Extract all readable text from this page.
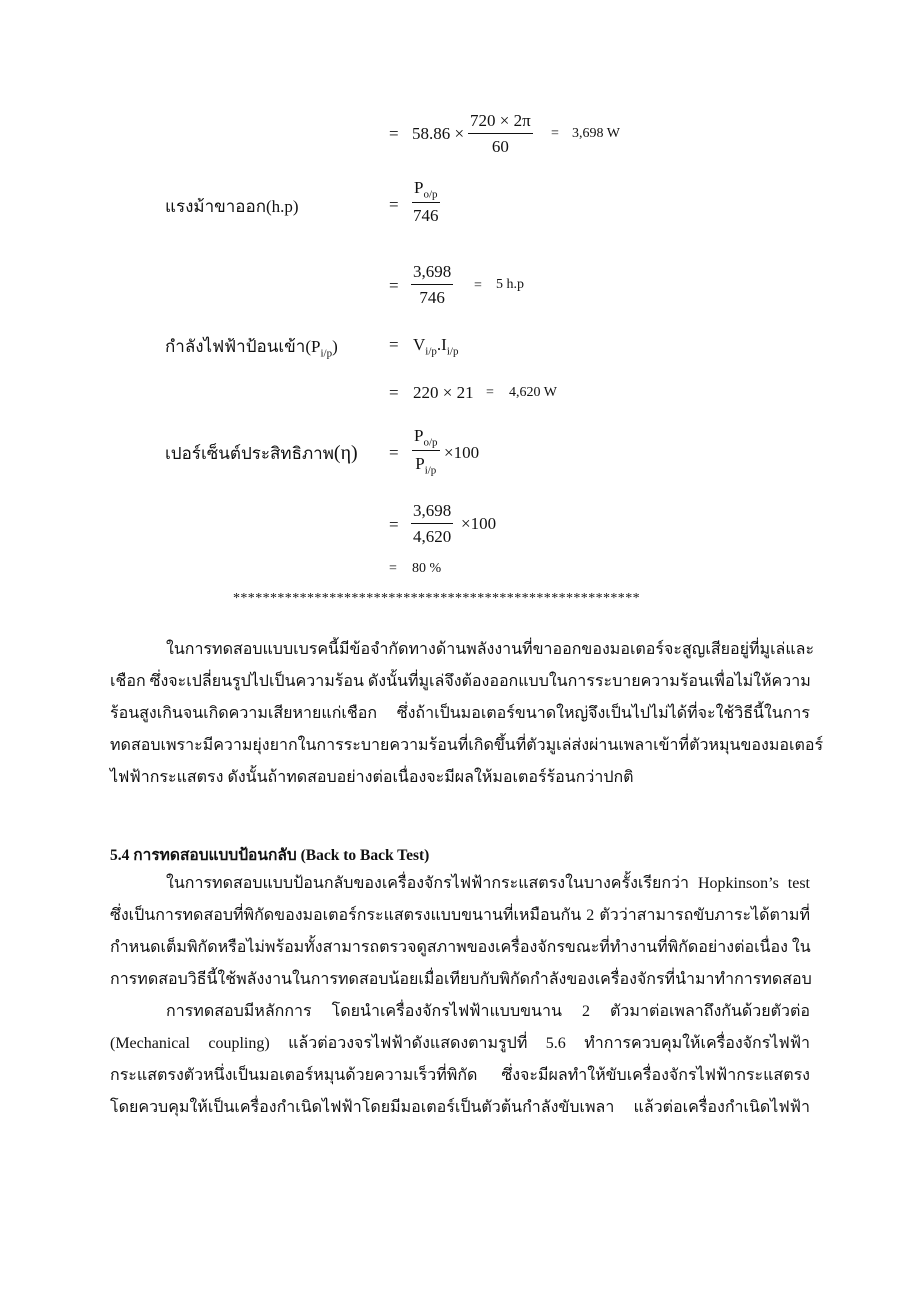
= $58.86 \times \frac{720 \times 2\pi}{60} = 3,698$ W
แรงม้าขาออก(h.p)	= $\frac{P_{o/p}}{746}$
= $\frac{3,698}{746} = 5$ h.p
กำลังไฟฟ้าป้อนเข้า$(P_{i/p})$	= $V_{i/p}.I_{i/p}$
= 220 × 21 = 4,620 W
เปอร์เซ็นต์ประสิทธิภาพ$(\eta) = \frac{P_{o/p}}{P_{i/p}} \times 100$
= $\frac{3,698}{4,620} \times 100$
= 80 %
*******************************************************
ในการทดสอบแบบเบรคนี้มีข้อจำกัดทางด้านพลังงานที่ขาออกของมอเตอร์จะสูญเสียอยู่ที่มูเล่และ
เชือก ซึ่งจะเปลี่ยนรูปไปเป็นความร้อน ดังนั้นที่มูเล่จึงต้องออกแบบในการระบายความร้อนเพื่อไม่ให้ความ
ร้อนสูงเกินจนเกิดความเสียหายแก่เชือก ซึ่งถ้าเป็นมอเตอร์ขนาดใหญ่จึงเป็นไปไม่ได้ที่จะใช้วิธีนี้ในการ
ทดสอบเพราะมีความยุ่งยากในการระบายความร้อนที่เกิดขึ้นที่ตัวมูเล่ส่งผ่านเพลาเข้าที่ตัวหมุนของมอเตอร์
ไฟฟ้ากระแสตรง ดังนั้นถ้าทดสอบอย่างต่อเนื่องจะมีผลให้มอเตอร์ร้อนกว่าปกติ
5.4 การทดสอบแบบป้อนกลับ (Back to Back Test)
ในการทดสอบแบบป้อนกลับของเครื่องจักรไฟฟ้ากระแสตรงในบางครั้งเรียกว่า Hopkinson’s test
ซึ่งเป็นการทดสอบที่พิกัดของมอเตอร์กระแสตรงแบบขนานที่เหมือนกัน 2 ตัวว่าสามารถขับภาระได้ตามที่
กำหนดเต็มพิกัดหรือไม่พร้อมทั้งสามารถตรวจดูสภาพของเครื่องจักรขณะที่ทำงานที่พิกัดอย่างต่อเนื่อง ใน
การทดสอบวิธีนี้ใช้พลังงานในการทดสอบน้อยเมื่อเทียบกับพิกัดกำลังของเครื่องจักรที่นำมาทำการทดสอบ
การทดสอบมีหลักการ โดยนำเครื่องจักรไฟฟ้าแบบขนาน 2 ตัวมาต่อเพลาถึงกันด้วยตัวต่อ
(Mechanical coupling) แล้วต่อวงจรไฟฟ้าดังแสดงตามรูปที่ 5.6 ทำการควบคุมให้เครื่องจักรไฟฟ้า
กระแสตรงตัวหนึ่งเป็นมอเตอร์หมุนด้วยความเร็วที่พิกัด ซึ่งจะมีผลทำให้ขับเครื่องจักรไฟฟ้ากระแสตรง
โดยควบคุมให้เป็นเครื่องกำเนิดไฟฟ้าโดยมีมอเตอร์เป็นตัวต้นกำลังขับเพลา แล้วต่อเครื่องกำเนิดไฟฟ้า
